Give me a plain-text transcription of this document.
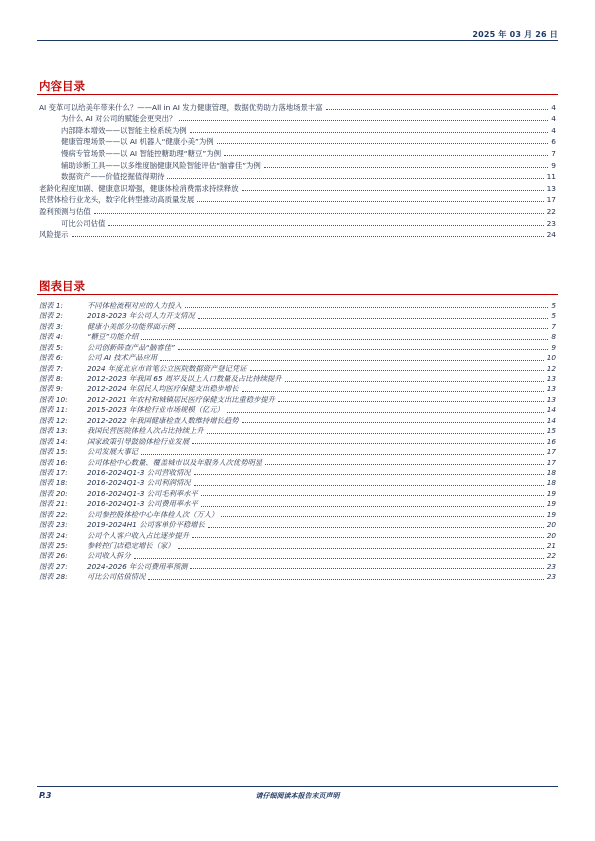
2025 年 03 月 26 日
内容目录
AI 变革可以给美年带来什么？——All in AI 发力健康管理，数据优势助力落地场景丰富	4
为什么 AI 对公司的赋能会更突出？	4
内部降本增效——以智能主检系统为例	4
健康管理场景——以 AI 机器人“健康小美”为例	6
慢病专管场景——以 AI 智能控糖助理“糖豆”为例	7
辅助诊断工具——以多维度脑健康风险智能评估“脑睿佳”为例	9
数据资产——价值挖掘值得期待	11
老龄化程度加剧、健康意识增强，健康体检消费需求持续释放	13
民营体检行业龙头，数字化转型推动高质量发展	17
盈利预测与估值	22
可比公司估值	23
风险提示	24
图表目录
图表 1:	不同体检流程对应的人力投入	5
图表 2:	2018-2023 年公司人力开支情况	5
图表 3:	健康小美部分功能界面示例	7
图表 4:	“糖豆”功能介绍	8
图表 5:	公司创新筛查产品“脑睿佳”	9
图表 6:	公司 AI 技术产品应用	10
图表 7:	2024 年度北京市首笔公立医院数据资产登记凭证	12
图表 8:	2012-2023 年我国 65 周岁及以上人口数量及占比持续提升	13
图表 9:	2012-2024 年居民人均医疗保健支出稳步增长	13
图表 10:	2012-2021 年农村和城镇居民医疗保健支出比重稳步提升	13
图表 11:	2015-2023 年体检行业市场规模（亿元）	14
图表 12:	2012-2022 年我国健康检查人数维持增长趋势	14
图表 13:	我国民营医院体检人次占比持续上升	15
图表 14:	国家政策引导鼓励体检行业发展	16
图表 15:	公司发展大事记	17
图表 16:	公司体检中心数量、覆盖城市以及年服务人次优势明显	17
图表 17:	2016-2024Q1-3 公司营收情况	18
图表 18:	2016-2024Q1-3 公司利润情况	18
图表 20:	2016-2024Q1-3 公司毛利率水平	19
图表 21:	2016-2024Q1-3 公司费用率水平	19
图表 22:	公司参控股体检中心年体检人次（万人）	19
图表 23:	2019-2024H1 公司客单价平稳增长	20
图表 24:	公司个人客户收入占比逐步提升	20
图表 25:	参转控门店稳定增长（家）	21
图表 26:	公司收入拆分	22
图表 27:	2024-2026 年公司费用率预测	23
图表 28:	可比公司估值情况	23
P.3	请仔细阅读本报告末页声明
